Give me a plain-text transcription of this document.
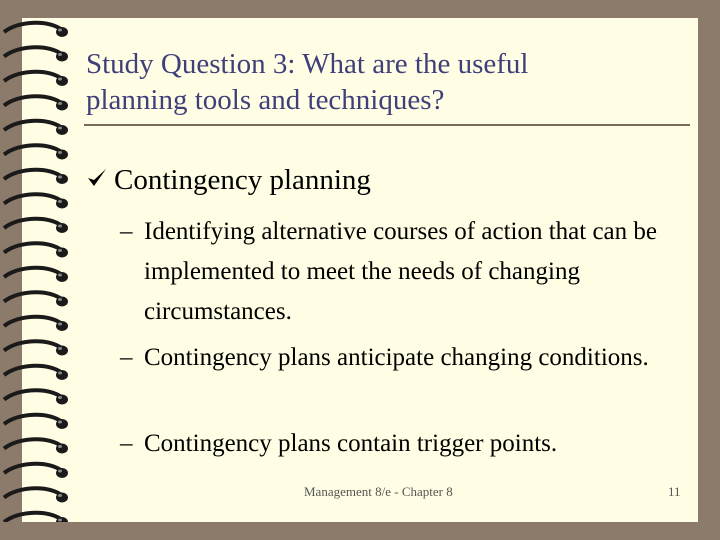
Study Question 3: What are the useful
planning tools and techniques?
Contingency planning
– Identifying alternative courses of action that can be implemented to meet the needs of changing circumstances.
– Contingency plans anticipate changing conditions.
– Contingency plans contain trigger points.
Management 8/e - Chapter 8	11
